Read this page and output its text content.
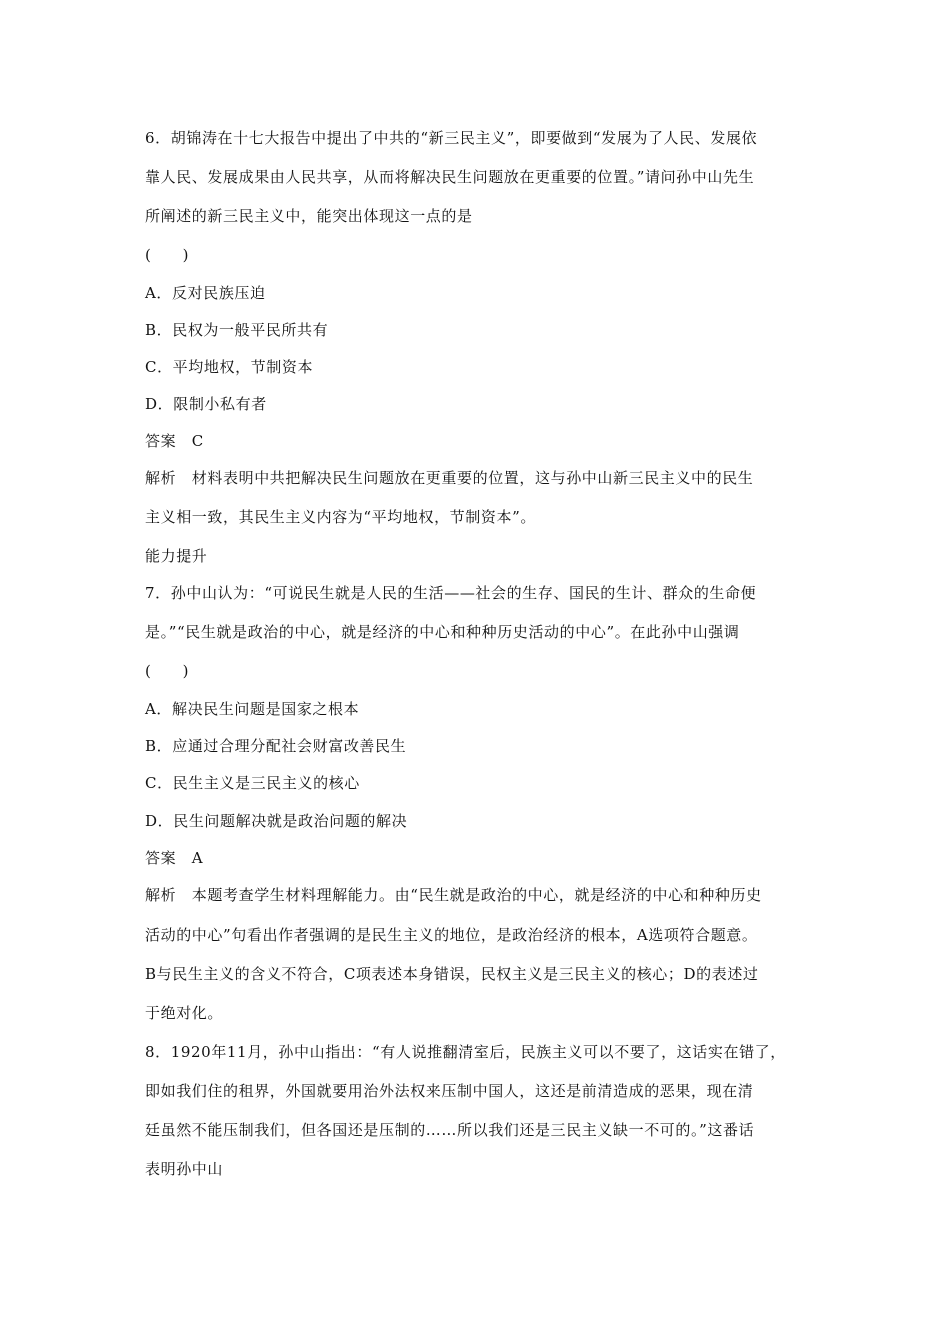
6．胡锦涛在十七大报告中提出了中共的“新三民主义”，即要做到“发展为了人民、发展依
靠人民、发展成果由人民共享，从而将解决民生问题放在更重要的位置。”请问孙中山先生
所阐述的新三民主义中，能突出体现这一点的是
(　　)
A．反对民族压迫
B．民权为一般平民所共有
C．平均地权，节制资本
D．限制小私有者
答案　C
解析　材料表明中共把解决民生问题放在更重要的位置，这与孙中山新三民主义中的民生
主义相一致，其民生主义内容为“平均地权，节制资本”。
能力提升
7．孙中山认为：“可说民生就是人民的生活——社会的生存、国民的生计、群众的生命便
是。”“民生就是政治的中心，就是经济的中心和种种历史活动的中心”。在此孙中山强调
(　　)
A．解决民生问题是国家之根本
B．应通过合理分配社会财富改善民生
C．民生主义是三民主义的核心
D．民生问题解决就是政治问题的解决
答案　A
解析　本题考查学生材料理解能力。由“民生就是政治的中心，就是经济的中心和种种历史
活动的中心”句看出作者强调的是民生主义的地位，是政治经济的根本，A选项符合题意。
B与民生主义的含义不符合，C项表述本身错误，民权主义是三民主义的核心；D的表述过
于绝对化。
8．1920年11月，孙中山指出：“有人说推翻清室后，民族主义可以不要了，这话实在错了，
即如我们住的租界，外国就要用治外法权来压制中国人，这还是前清造成的恶果，现在清
廷虽然不能压制我们，但各国还是压制的……所以我们还是三民主义缺一不可的。”这番话
表明孙中山
